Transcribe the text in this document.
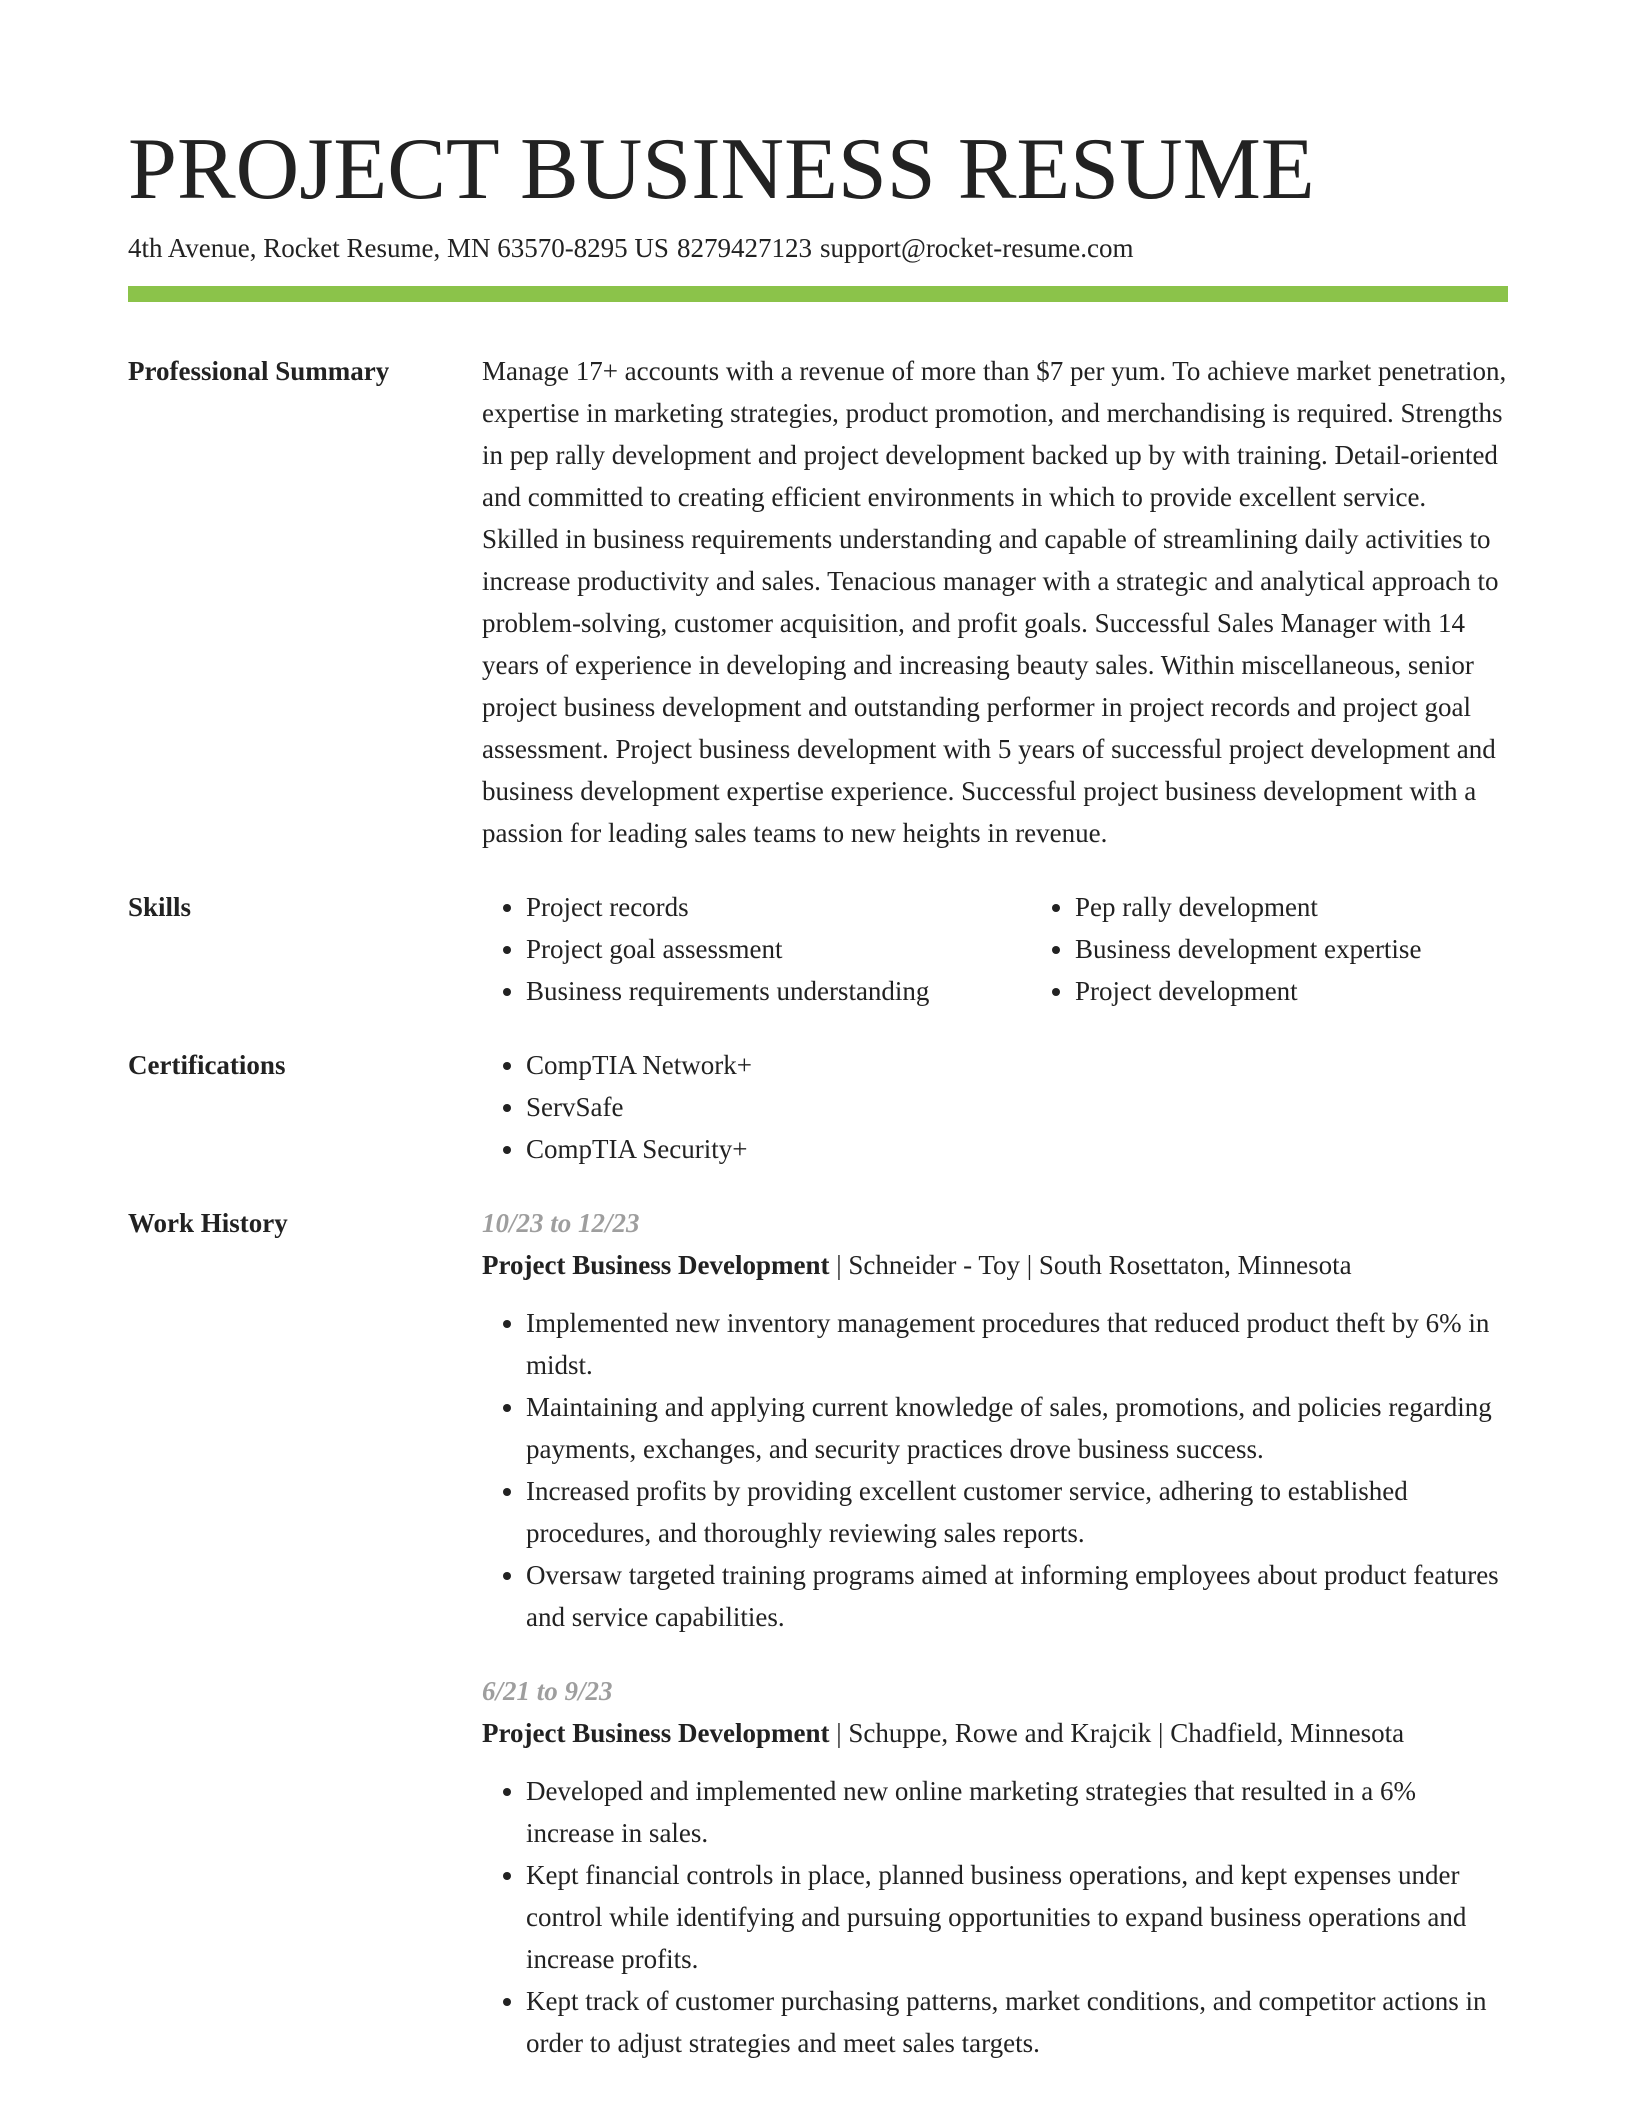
PROJECT BUSINESS RESUME
4th Avenue, Rocket Resume, MN 63570-8295 US 8279427123 support@rocket-resume.com
Professional Summary	Manage 17+ accounts with a revenue of more than $7 per yum. To achieve market penetration, expertise in marketing strategies, product promotion, and merchandising is required. Strengths in pep rally development and project development backed up by with training. Detail-oriented and committed to creating efficient environments in which to provide excellent service. Skilled in business requirements understanding and capable of streamlining daily activities to increase productivity and sales. Tenacious manager with a strategic and analytical approach to problem-solving, customer acquisition, and profit goals. Successful Sales Manager with 14 years of experience in developing and increasing beauty sales. Within miscellaneous, senior project business development and outstanding performer in project records and project goal assessment. Project business development with 5 years of successful project development and business development expertise experience. Successful project business development with a passion for leading sales teams to new heights in revenue.

Skills	• Project records
• Project goal assessment
• Business requirements understanding
• Pep rally development
• Business development expertise
• Project development
Certifications	• CompTIA Network+
• ServSafe
• CompTIA Security+
Work History	10/23 to 12/23
Project Business Development | Schneider - Toy | South Rosettaton, Minnesota
• Implemented new inventory management procedures that reduced product theft by 6% in midst.
• Maintaining and applying current knowledge of sales, promotions, and policies regarding payments, exchanges, and security practices drove business success.
• Increased profits by providing excellent customer service, adhering to established procedures, and thoroughly reviewing sales reports.
• Oversaw targeted training programs aimed at informing employees about product features and service capabilities.
6/21 to 9/23
Project Business Development | Schuppe, Rowe and Krajcik | Chadfield, Minnesota
• Developed and implemented new online marketing strategies that resulted in a 6% increase in sales.
• Kept financial controls in place, planned business operations, and kept expenses under control while identifying and pursuing opportunities to expand business operations and increase profits.
• Kept track of customer purchasing patterns, market conditions, and competitor actions in order to adjust strategies and meet sales targets.
